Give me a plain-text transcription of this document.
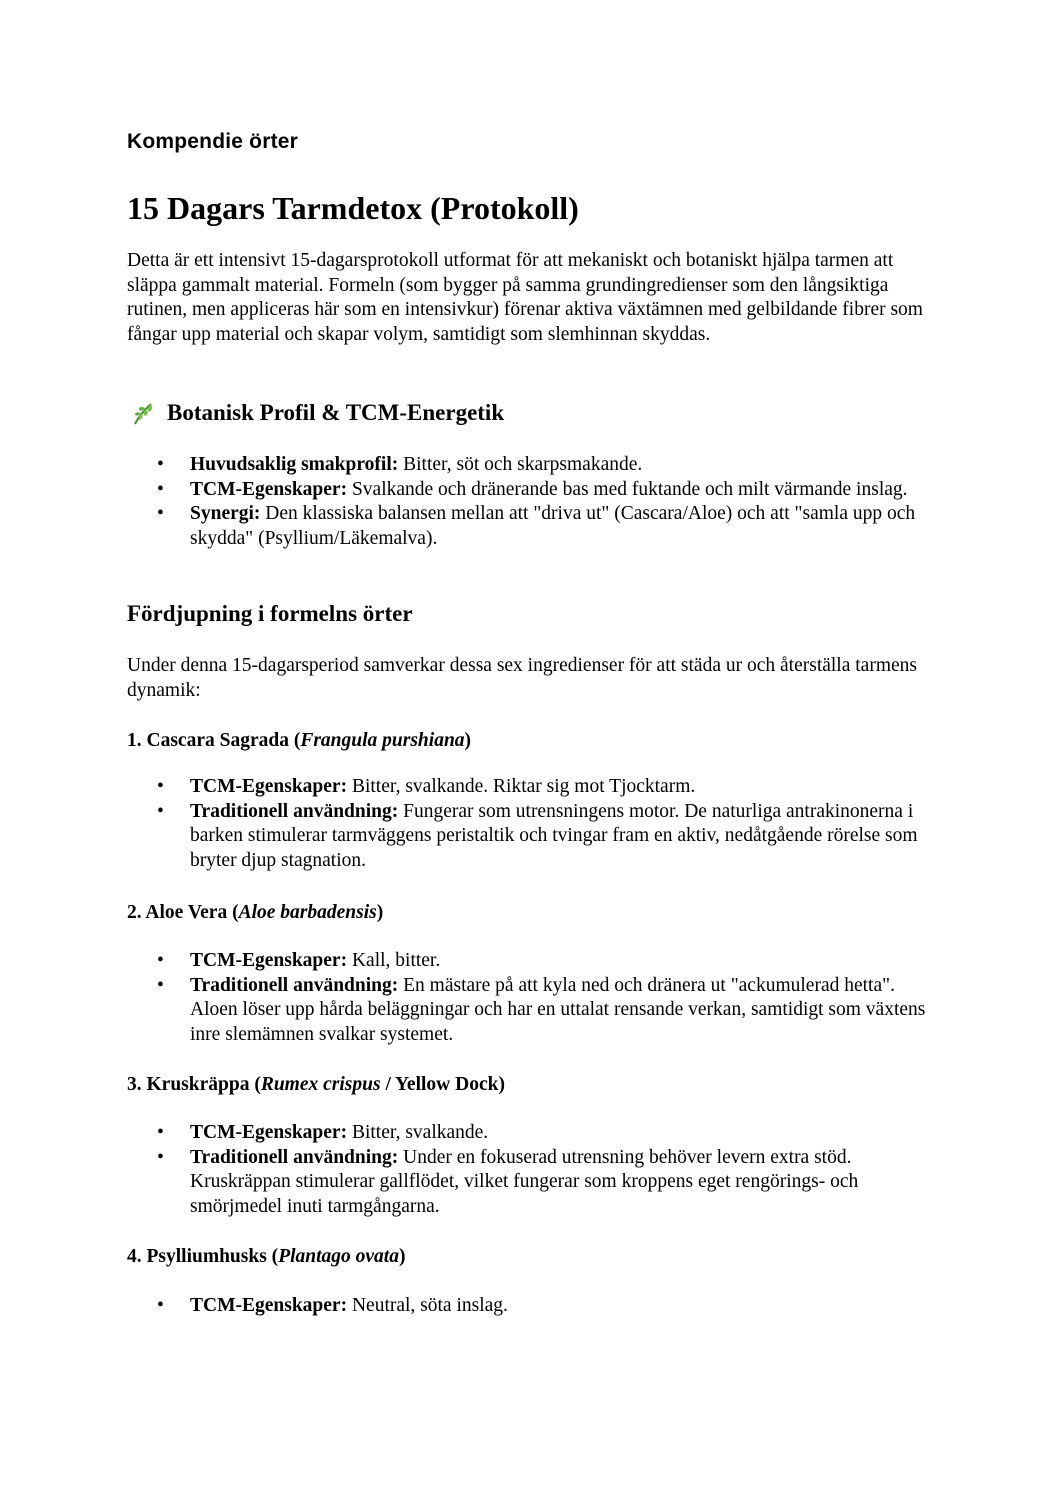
Kompendie örter
15 Dagars Tarmdetox (Protokoll)

Detta är ett intensivt 15-dagarsprotokoll utformat för att mekaniskt och botaniskt hjälpa tarmen att släppa gammalt material. Formeln (som bygger på samma grundingredienser som den långsiktiga rutinen, men appliceras här som en intensivkur) förenar aktiva växtämnen med gelbildande fibrer som fångar upp material och skapar volym, samtidigt som slemhinnan skyddas.

Botanisk Profil & TCM-Energetik
• Huvudsaklig smakprofil: Bitter, söt och skarpsmakande.
• TCM-Egenskaper: Svalkande och dränerande bas med fuktande och milt värmande inslag.
• Synergi: Den klassiska balansen mellan att "driva ut" (Cascara/Aloe) och att "samla upp och skydda" (Psyllium/Läkemalva).
Fördjupning i formelns örter

Under denna 15-dagarsperiod samverkar dessa sex ingredienser för att städa ur och återställa tarmens dynamik:

1. Cascara Sagrada (Frangula purshiana)
• TCM-Egenskaper: Bitter, svalkande. Riktar sig mot Tjocktarm.
• Traditionell användning: Fungerar som utrensningens motor. De naturliga antrakinonerna i barken stimulerar tarmväggens peristaltik och tvingar fram en aktiv, nedåtgående rörelse som bryter djup stagnation.
2. Aloe Vera (Aloe barbadensis)
• TCM-Egenskaper: Kall, bitter.
• Traditionell användning: En mästare på att kyla ned och dränera ut "ackumulerad hetta". Aloen löser upp hårda beläggningar och har en uttalat rensande verkan, samtidigt som växtens inre slemämnen svalkar systemet.
3. Kruskräppa (Rumex crispus / Yellow Dock)
• TCM-Egenskaper: Bitter, svalkande.
• Traditionell användning: Under en fokuserad utrensning behöver levern extra stöd. Kruskräppan stimulerar gallflödet, vilket fungerar som kroppens eget rengörings- och smörjmedel inuti tarmgångarna.
4. Psylliumhusks (Plantago ovata)
• TCM-Egenskaper: Neutral, söta inslag.
